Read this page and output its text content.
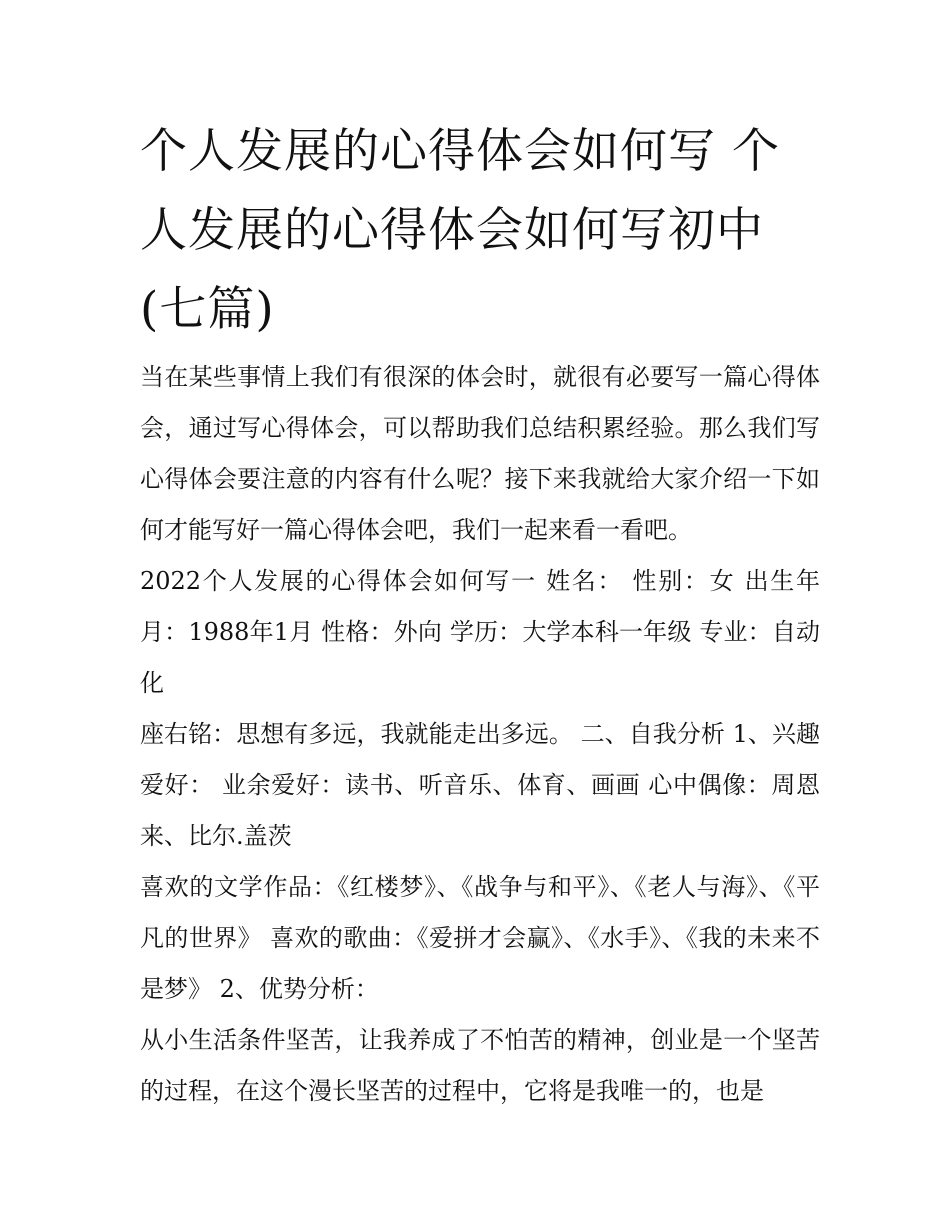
个人发展的心得体会如何写 个人发展的心得体会如何写初中(七篇)

当在某些事情上我们有很深的体会时，就很有必要写一篇心得体会，通过写心得体会，可以帮助我们总结积累经验。那么我们写心得体会要注意的内容有什么呢？接下来我就给大家介绍一下如何才能写好一篇心得体会吧，我们一起来看一看吧。

2022个人发展的心得体会如何写一 姓名： 性别：女 出生年月：1988年1月 性格：外向 学历：大学本科一年级 专业：自动化

座右铭：思想有多远，我就能走出多远。 二、自我分析 1、兴趣爱好： 业余爱好：读书、听音乐、体育、画画 心中偶像：周恩来、比尔.盖茨

喜欢的文学作品：《红楼梦》、《战争与和平》、《老人与海》、《平凡的世界》 喜欢的歌曲：《爱拼才会赢》、《水手》、《我的未来不是梦》 2、优势分析：

从小生活条件坚苦，让我养成了不怕苦的精神，创业是一个坚苦的过程，在这个漫长坚苦的过程中，它将是我唯一的，也是
